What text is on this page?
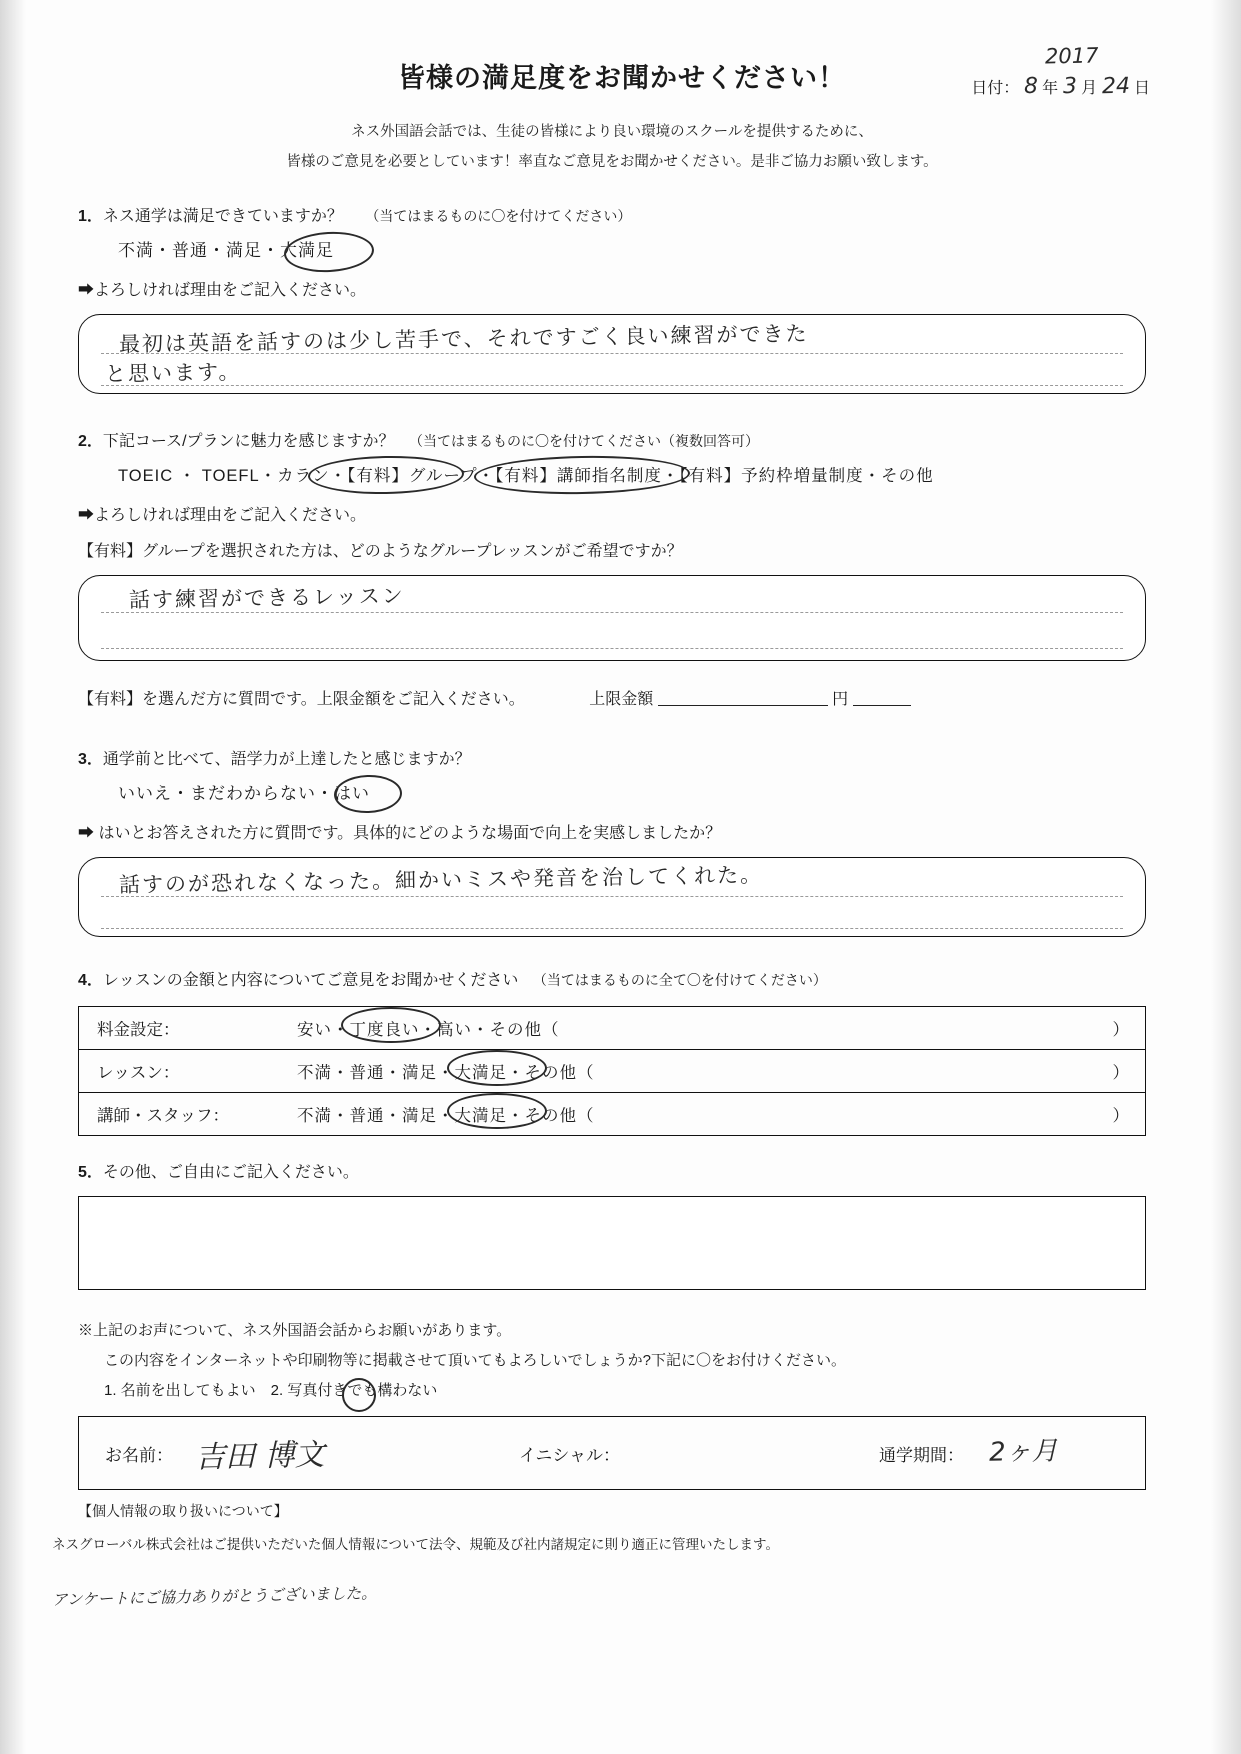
皆様の満足度をお聞かせください！	日付： 8 年 3 月 24 日
2017
ネス外国語会話では、生徒の皆様により良い環境のスクールを提供するために、
皆様のご意見を必要としています！率直なご意見をお聞かせください。是非ご協力お願い致します。
1．ネス通学は満足できていますか？ （当てはまるものに〇を付けてください）
不満・普通・満足・大満足
➡よろしければ理由をご記入ください。
最初は英語を話すのは少し苦手で、それですごく良い練習ができた
と思います。
2．下記コース/プランに魅力を感じますか？ （当てはまるものに〇を付けてください（複数回答可）
TOEIC ・ TOEFL・カラン・【有料】グループ・【有料】講師指名制度・【有料】予約枠増量制度・その他
➡よろしければ理由をご記入ください。
【有料】グループを選択された方は、どのようなグループレッスンがご希望ですか？
話す練習ができるレッスン
【有料】を選んだ方に質問です。上限金額をご記入ください。	上限金額	円
3．通学前と比べて、語学力が上達したと感じますか？
いいえ・まだわからない・はい
➡ はいとお答えされた方に質問です。具体的にどのような場面で向上を実感しましたか？
話すのが恐れなくなった。細かいミスや発音を治してくれた。
4．レッスンの金額と内容についてご意見をお聞かせください （当てはまるものに全て〇を付けてください）
料金設定：	安い・丁度良い・高い・その他（	）
レッスン：	不満・普通・満足・大満足・その他（	）
講師・スタッフ：	不満・普通・満足・大満足・その他（	）
5．その他、ご自由にご記入ください。
※上記のお声について、ネス外国語会話からお願いがあります。
この内容をインターネットや印刷物等に掲載させて頂いてもよろしいでしょうか?下記に〇をお付けください。
1. 名前を出してもよい　2. 写真付きでも構わない
お名前： 吉田 博文	イニシャル：	通学期間： 2ヶ月
【個人情報の取り扱いについて】
ネスグローバル株式会社はご提供いただいた個人情報について法令、規範及び社内諸規定に則り適正に管理いたします。
アンケートにご協力ありがとうございました。
